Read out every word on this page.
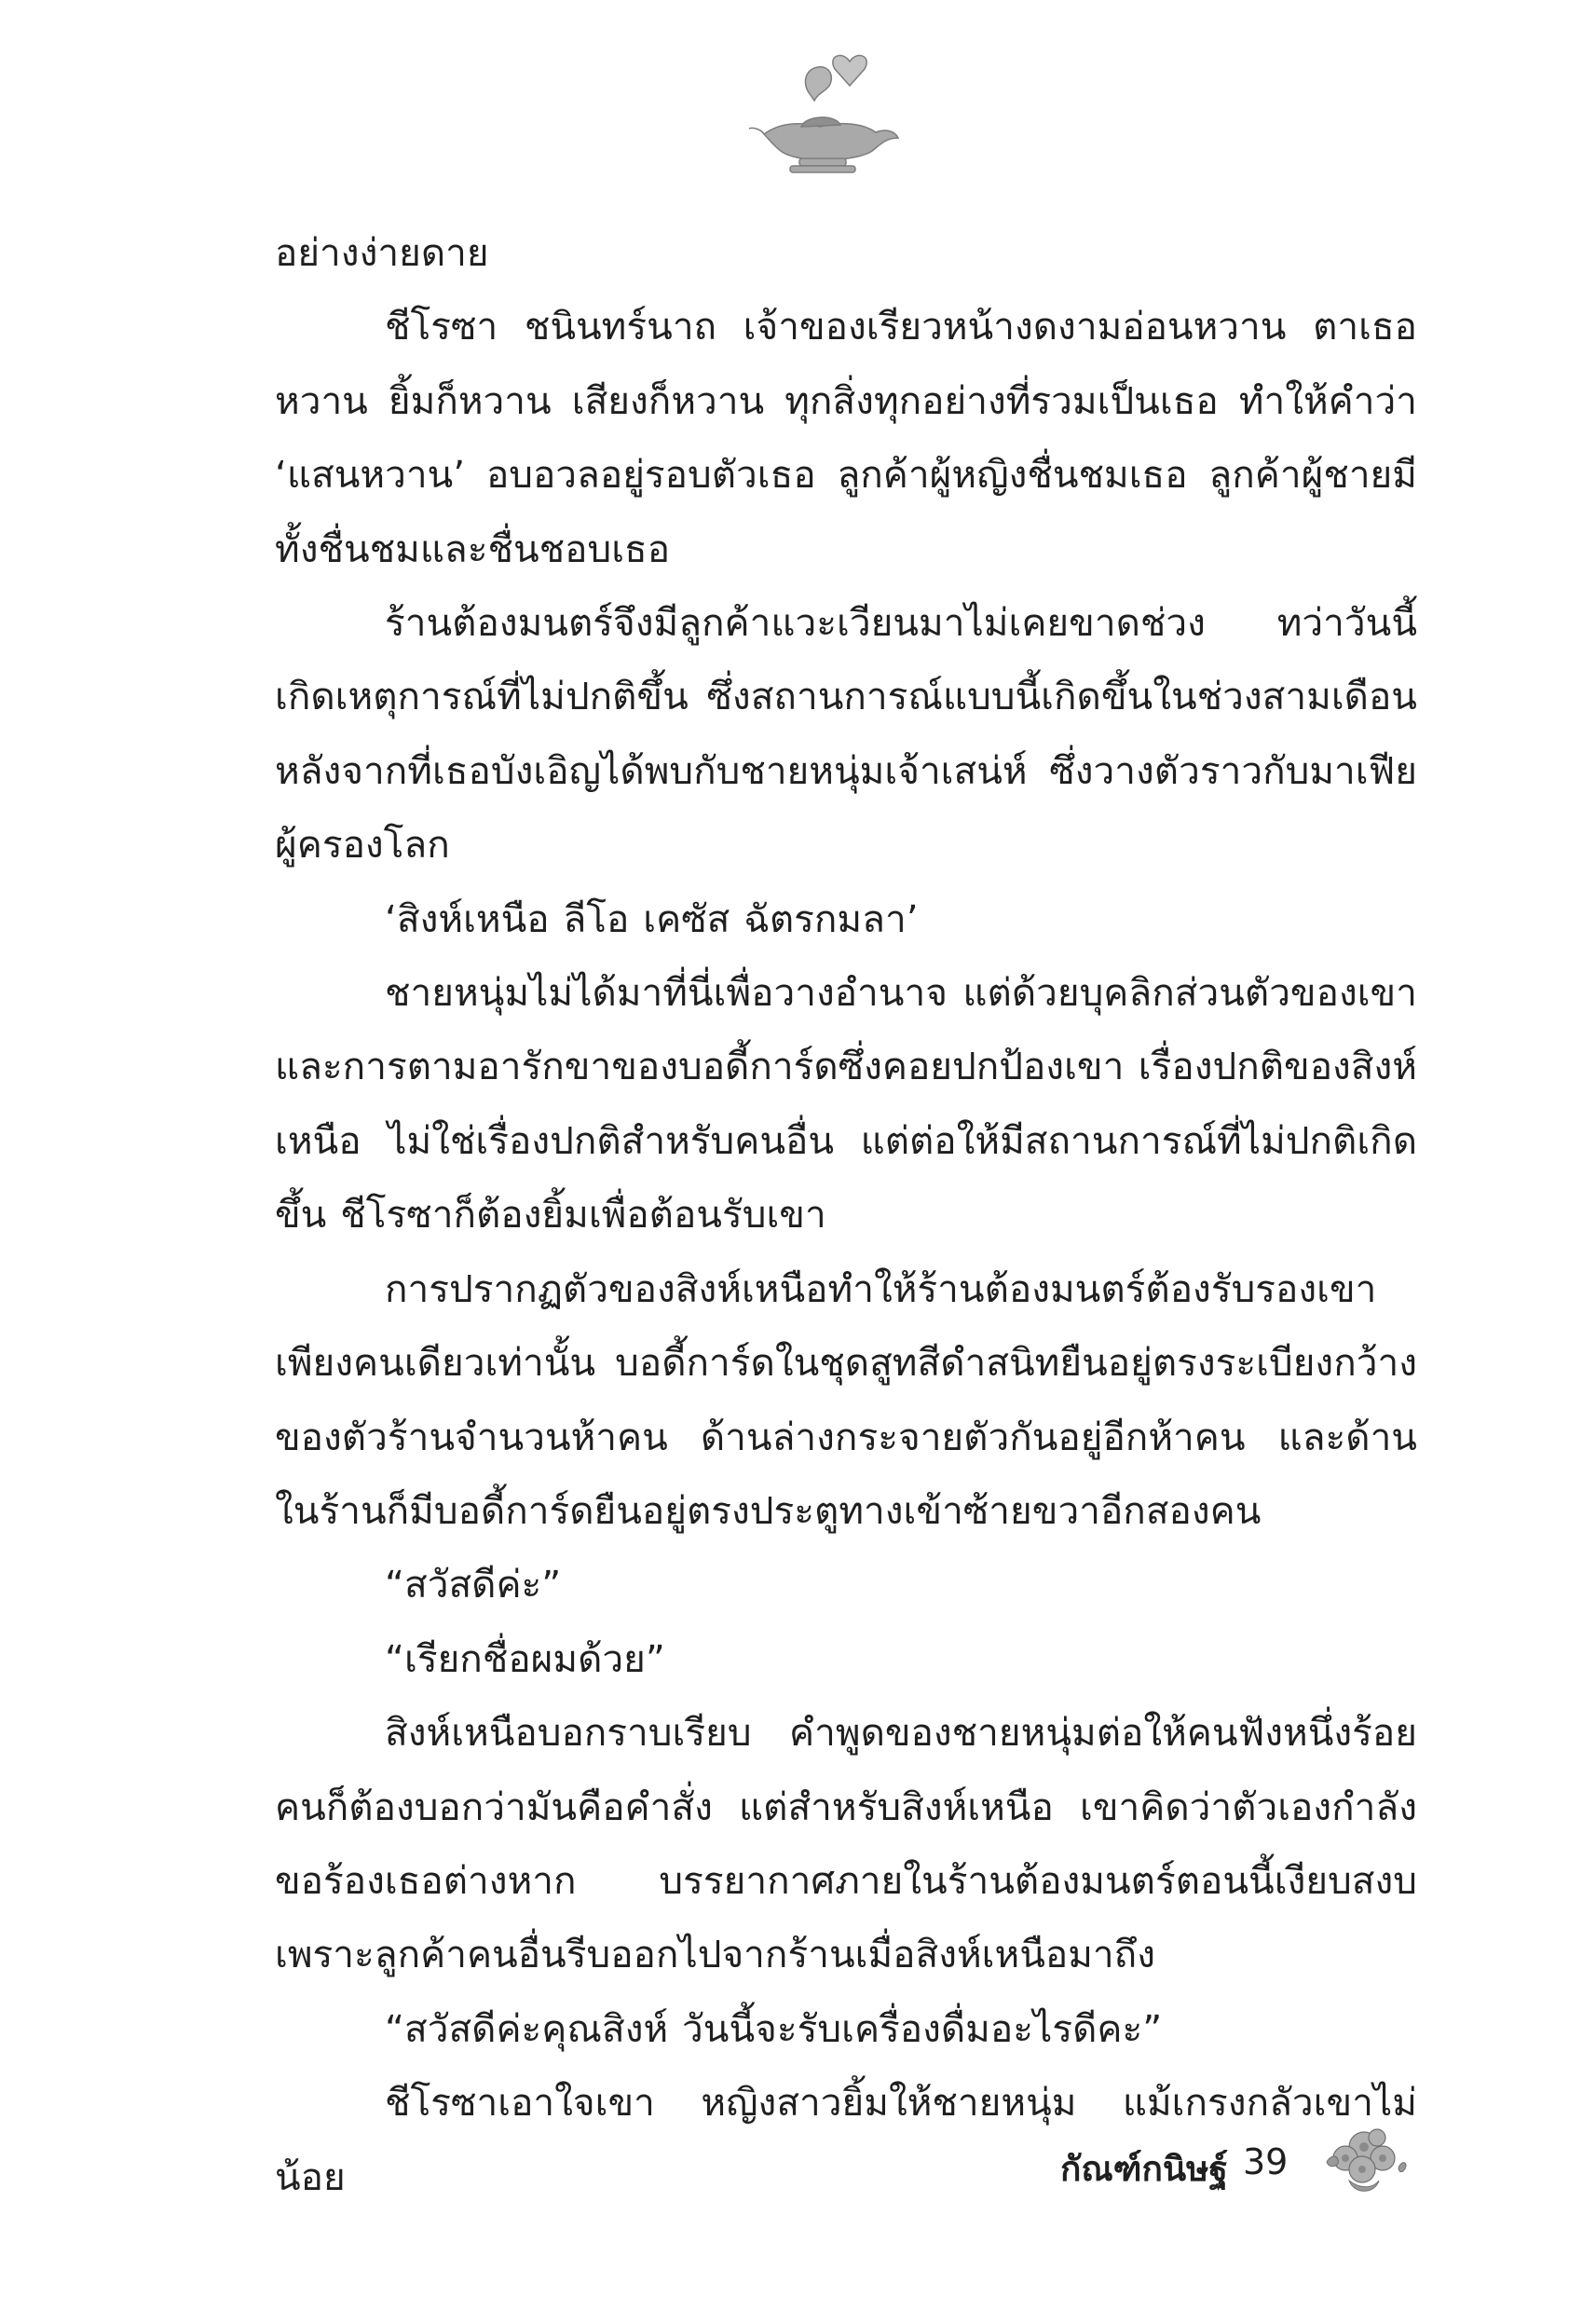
อย่างง่ายดาย

ชีโรซา ชนินทร์นาถ เจ้าของเรียวหน้างดงามอ่อนหวาน ตาเธอหวาน ยิ้มก็หวาน เสียงก็หวาน ทุกสิ่งทุกอย่างที่รวมเป็นเธอ ทำให้คำว่า ‘แสนหวาน’ อบอวลอยู่รอบตัวเธอ ลูกค้าผู้หญิงชื่นชมเธอ ลูกค้าผู้ชายมีทั้งชื่นชมและชื่นชอบเธอ

ร้านต้องมนตร์จึงมีลูกค้าแวะเวียนมาไม่เคยขาดช่วง ทว่าวันนี้เกิดเหตุการณ์ที่ไม่ปกติขึ้น ซึ่งสถานการณ์แบบนี้เกิดขึ้นในช่วงสามเดือนหลังจากที่เธอบังเอิญได้พบกับชายหนุ่มเจ้าเสน่ห์ ซึ่งวางตัวราวกับมาเฟียผู้ครองโลก

‘สิงห์เหนือ ลีโอ เคซัส ฉัตรกมลา’

ชายหนุ่มไม่ได้มาที่นี่เพื่อวางอำนาจ แต่ด้วยบุคลิกส่วนตัวของเขาและการตามอารักขาของบอดี้การ์ดซึ่งคอยปกป้องเขา เรื่องปกติของสิงห์เหนือ ไม่ใช่เรื่องปกติสำหรับคนอื่น แต่ต่อให้มีสถานการณ์ที่ไม่ปกติเกิดขึ้น ชีโรซาก็ต้องยิ้มเพื่อต้อนรับเขา

การปรากฏตัวของสิงห์เหนือทำให้ร้านต้องมนตร์ต้องรับรองเขาเพียงคนเดียวเท่านั้น บอดี้การ์ดในชุดสูทสีดำสนิทยืนอยู่ตรงระเบียงกว้างของตัวร้านจำนวนห้าคน ด้านล่างกระจายตัวกันอยู่อีกห้าคน และด้านในร้านก็มีบอดี้การ์ดยืนอยู่ตรงประตูทางเข้าซ้ายขวาอีกสองคน

“สวัสดีค่ะ”

“เรียกชื่อผมด้วย”

สิงห์เหนือบอกราบเรียบ คำพูดของชายหนุ่มต่อให้คนฟังหนึ่งร้อยคนก็ต้องบอกว่ามันคือคำสั่ง แต่สำหรับสิงห์เหนือ เขาคิดว่าตัวเองกำลังขอร้องเธอต่างหาก บรรยากาศภายในร้านต้องมนตร์ตอนนี้เงียบสงบ เพราะลูกค้าคนอื่นรีบออกไปจากร้านเมื่อสิงห์เหนือมาถึง

“สวัสดีค่ะคุณสิงห์ วันนี้จะรับเครื่องดื่มอะไรดีคะ”

ชีโรซาเอาใจเขา หญิงสาวยิ้มให้ชายหนุ่ม แม้เกรงกลัวเขาไม่น้อย	กัณฑ์กนิษฐ์ 39
